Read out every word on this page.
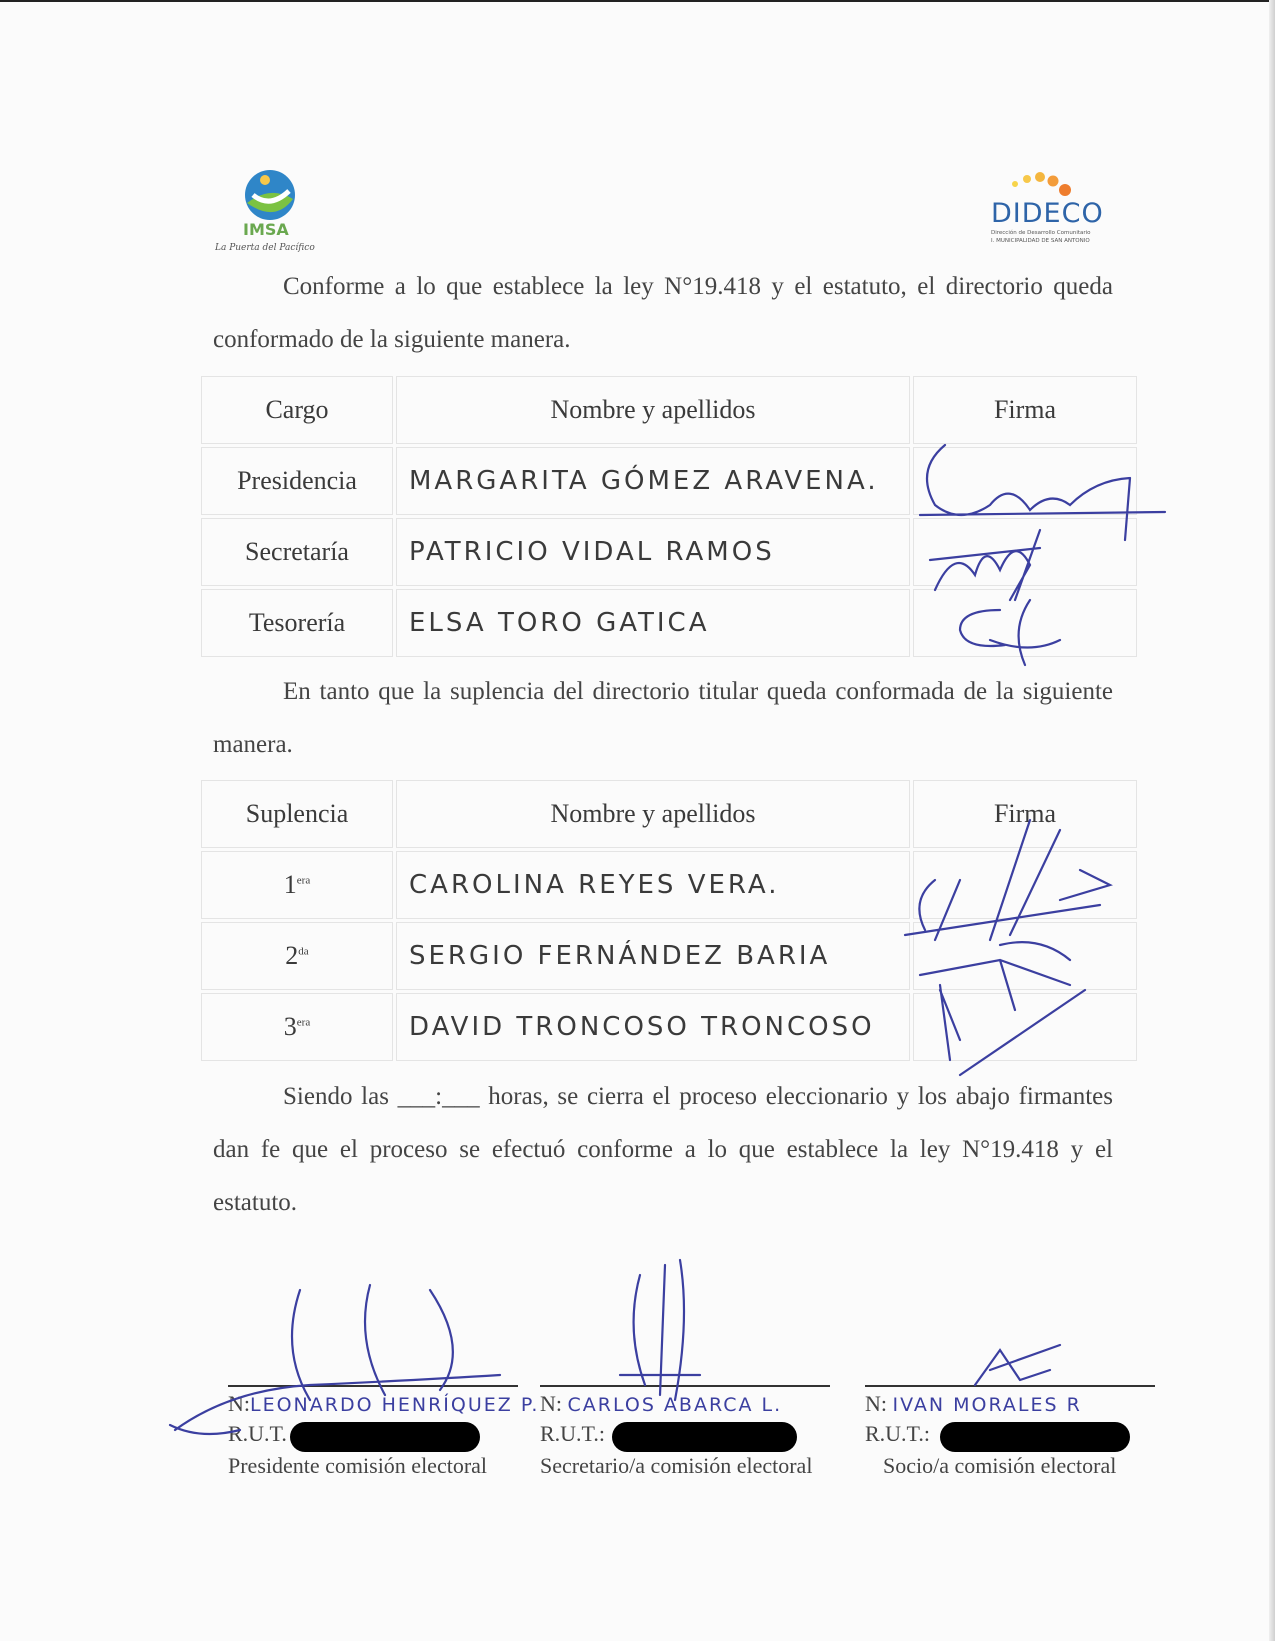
IMSA
La Puerta del Pacífico
DIDECO
Dirección de Desarrollo Comunitario
I. MUNICIPALIDAD DE SAN ANTONIO
Conforme a lo que establece la ley N°19.418 y el estatuto, el directorio queda conformado de la siguiente manera.
Cargo	Nombre y apellidos	Firma
Presidencia	MARGARITA GÓMEZ ARAVENA.	
Secretaría	PATRICIO VIDAL RAMOS	
Tesorería	ELSA TORO GATICA	
En tanto que la suplencia del directorio titular queda conformada de la siguiente manera.
Suplencia	Nombre y apellidos	Firma
$1^{era}$	CAROLINA REYES VERA.	
$2^{da}$	SERGIO FERNÁNDEZ BARIA	
$3^{era}$	DAVID TRONCOSO TRONCOSO	
Siendo las ___:___ horas, se cierra el proceso eleccionario y los abajo firmantes dan fe que el proceso se efectuó conforme a lo que establece la ley N°19.418 y el estatuto.
N:LEONARDO HENRÍQUEZ P.
R.U.T.
Presidente comisión electoral
N: CARLOS ABARCA L.
R.U.T.:
Secretario/a comisión electoral
N: IVAN MORALES R
R.U.T.:
Socio/a comisión electoral
